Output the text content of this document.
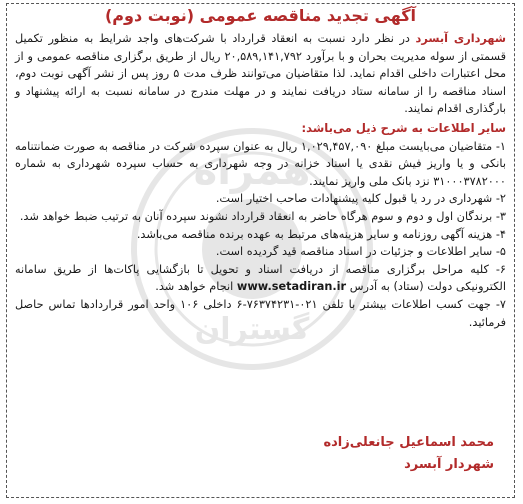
همراه
گستران
آگهی تجدید مناقصه عمومی (نوبت دوم)

شهرداری آبسرد در نظر دارد نسبت به انعقاد قرارداد با شرکت‌های واجد شرایط به منظور تکمیل قسمتی از سوله مدیریت بحران و با برآورد ۲۰,۵۸۹,۱۴۱,۷۹۲ ریال از طریق برگزاری مناقصه عمومی و از محل اعتبارات داخلی اقدام نماید. لذا متقاضیان می‌توانند ظرف مدت ۵ روز پس از نشر آگهی نوبت دوم، اسناد مناقصه را از سامانه ستاد دریافت نمایند و در مهلت مندرج در سامانه نسبت به ارائه پیشنهاد و بارگذاری اقدام نمایند.

سایر اطلاعات به شرح ذیل می‌باشد:

۱- متقاضیان می‌بایست مبلغ ۱,۰۲۹,۴۵۷,۰۹۰ ریال به عنوان سپرده شرکت در مناقصه به صورت ضمانتنامه بانکی و یا واریز فیش نقدی یا اسناد خزانه در وجه شهرداری به حساب سپرده شهرداری به شماره ۳۱۰۰۰۳۷۸۲۰۰۰ نزد بانک ملی واریز نمایند.

۲- شهرداری در رد یا قبول کلیه پیشنهادات صاحب اختیار است.

۳- برندگان اول و دوم و سوم هرگاه حاضر به انعقاد قرارداد نشوند سپرده آنان به ترتیب ضبط خواهد شد.

۴- هزینه آگهی روزنامه و سایر هزینه‌های مرتبط به عهده برنده مناقصه می‌باشد.

۵- سایر اطلاعات و جزئیات در اسناد مناقصه قید گردیده است.

۶- کلیه مراحل برگزاری مناقصه از دریافت اسناد و تحویل تا بازگشایی پاکات‌ها از طریق سامانه الکترونیکی دولت (ستاد) به آدرس www.setadiran.ir انجام خواهد شد.

۷- جهت کسب اطلاعات بیشتر با تلفن ۰۲۱-۷۶۳۷۴۲۳۱-۶ داخلی ۱۰۶ واحد امور قراردادها تماس حاصل فرمائید.

محمد اسماعیل جانعلی‌زاده
شهردار آبسرد
